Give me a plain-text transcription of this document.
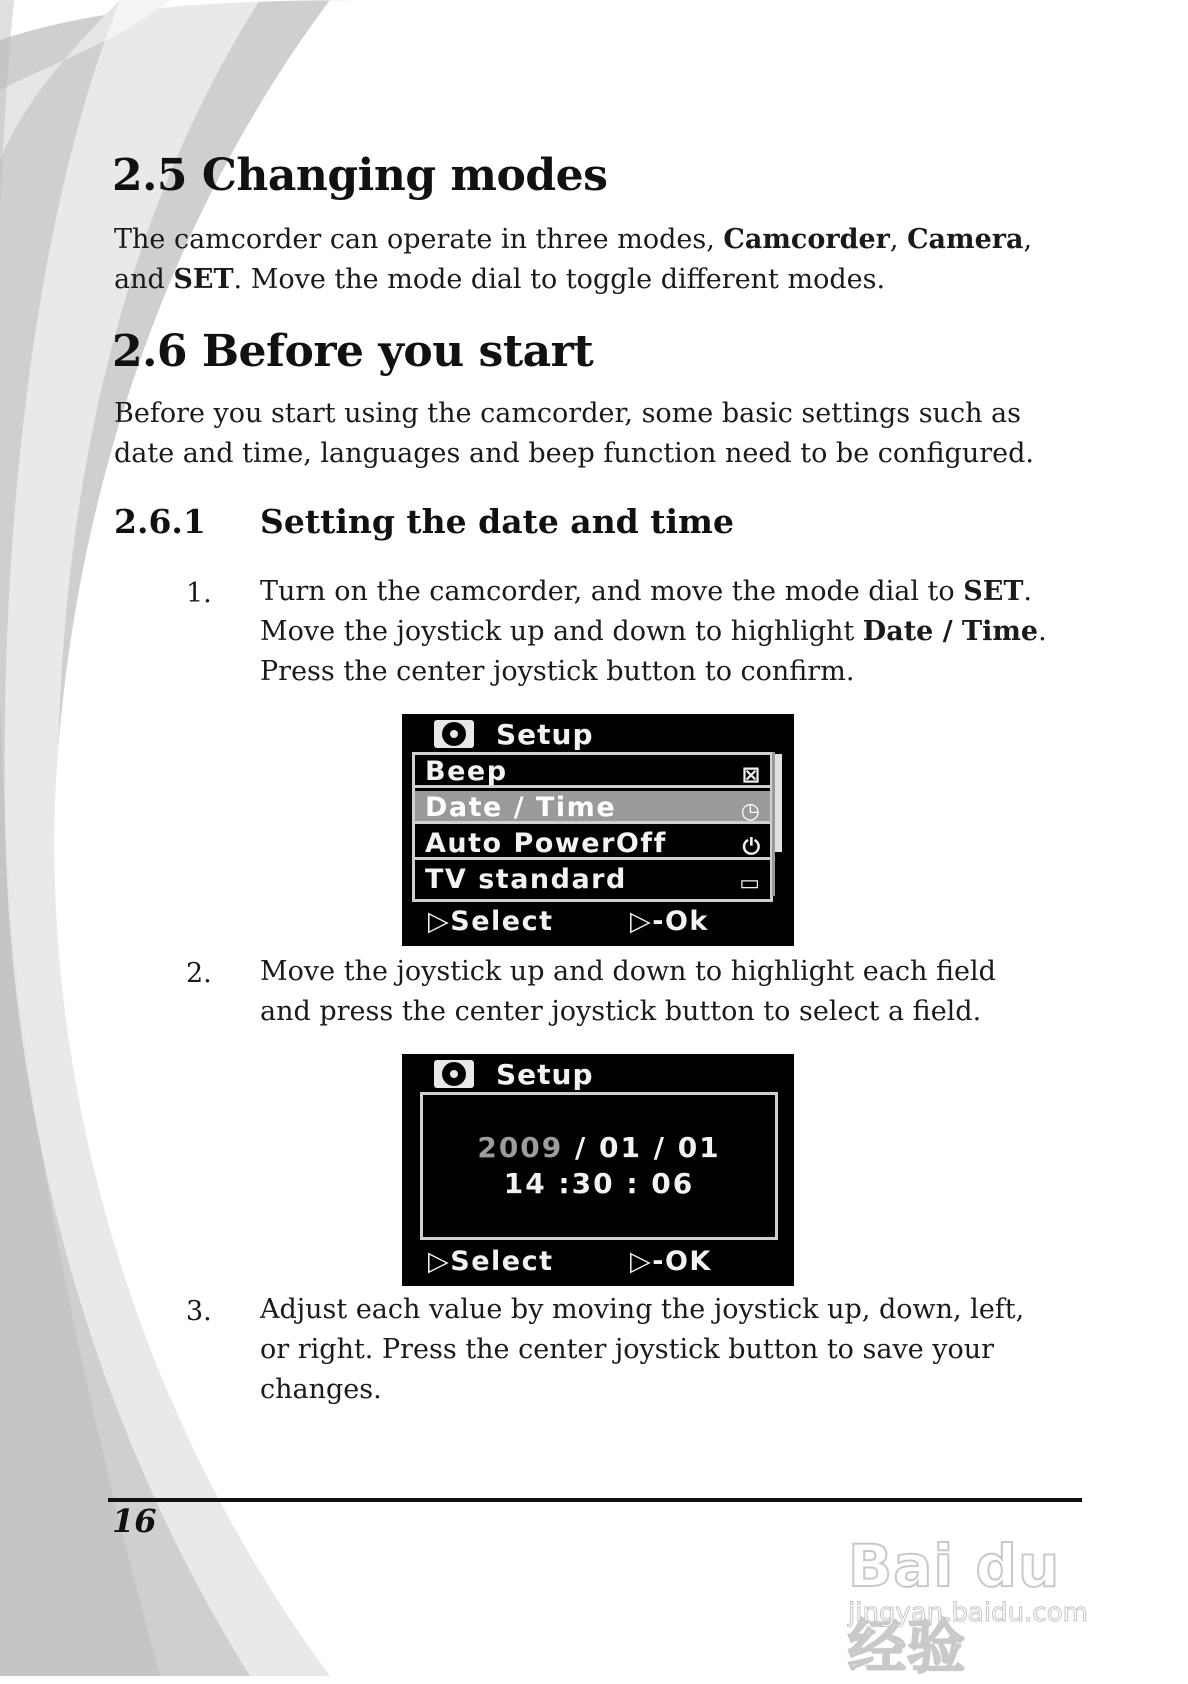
2.5 Changing modes

The camcorder can operate in three modes, Camcorder, Camera,
and SET. Move the mode dial to toggle different modes.

2.6 Before you start

Before you start using the camcorder, some basic settings such as
date and time, languages and beep function need to be configured.

2.6.1 Setting the date and time
1. Turn on the camcorder, and move the mode dial to SET.
Move the joystick up and down to highlight Date / Time.
Press the center joystick button to confirm.

Setup
Beep	⊠
Date / Time	◷
Auto PowerOff	⏻
TV standard	▭
▷Select	▷-Ok
2. Move the joystick up and down to highlight each field
and press the center joystick button to select a field.

Setup
2009 / 01 / 01
14 :30 : 06
▷Select	▷-OK
3. Adjust each value by moving the joystick up, down, left,
or right. Press the center joystick button to save your
changes.

16
Bai du 经验
jingyan.baidu.com
